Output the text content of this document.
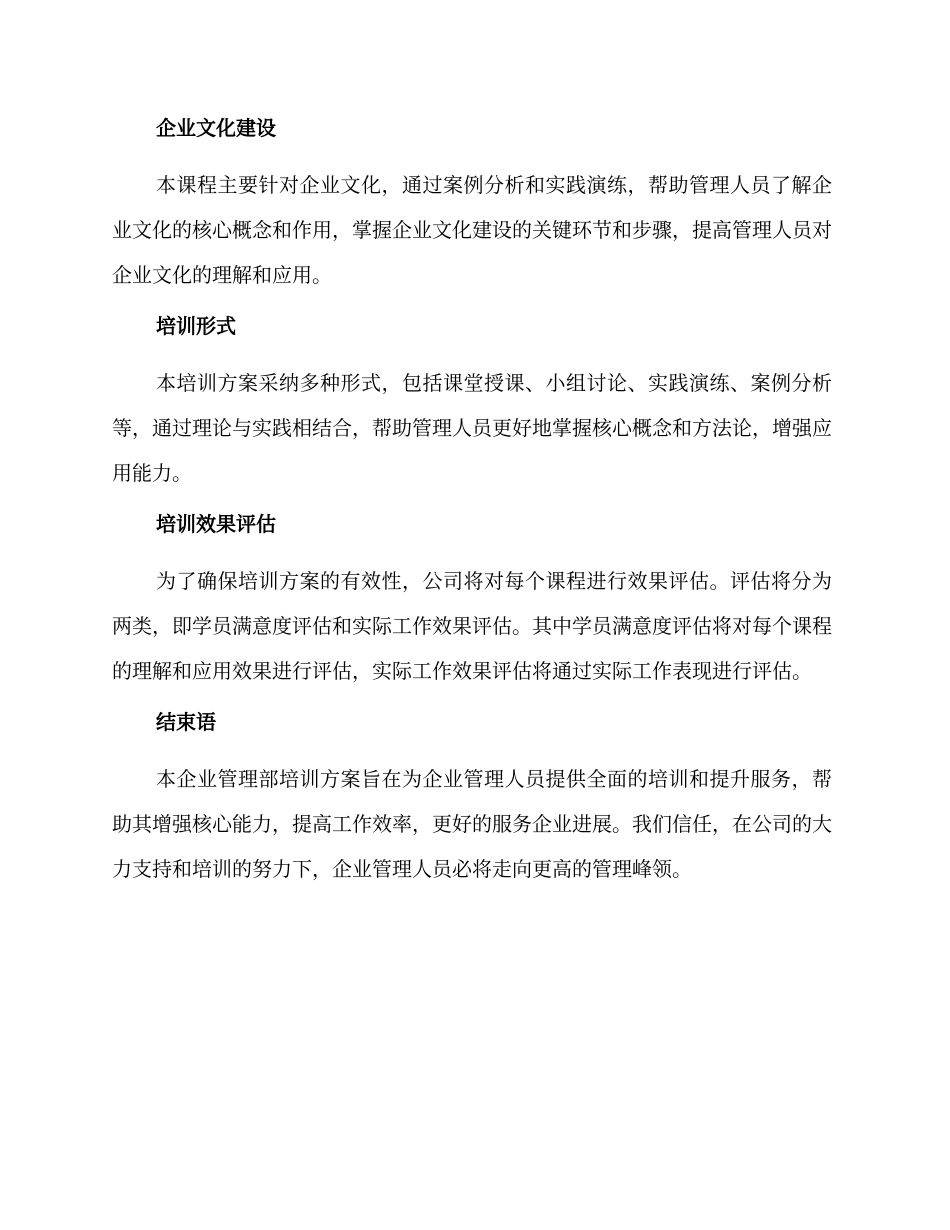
企业文化建设

本课程主要针对企业文化，通过案例分析和实践演练，帮助管理人员了解企业文化的核心概念和作用，掌握企业文化建设的关键环节和步骤，提高管理人员对企业文化的理解和应用。

培训形式

本培训方案采纳多种形式，包括课堂授课、小组讨论、实践演练、案例分析等，通过理论与实践相结合，帮助管理人员更好地掌握核心概念和方法论，增强应用能力。

培训效果评估

为了确保培训方案的有效性，公司将对每个课程进行效果评估。评估将分为两类，即学员满意度评估和实际工作效果评估。其中学员满意度评估将对每个课程的理解和应用效果进行评估，实际工作效果评估将通过实际工作表现进行评估。

结束语

本企业管理部培训方案旨在为企业管理人员提供全面的培训和提升服务，帮助其增强核心能力，提高工作效率，更好的服务企业进展。我们信任，在公司的大力支持和培训的努力下，企业管理人员必将走向更高的管理峰领。
